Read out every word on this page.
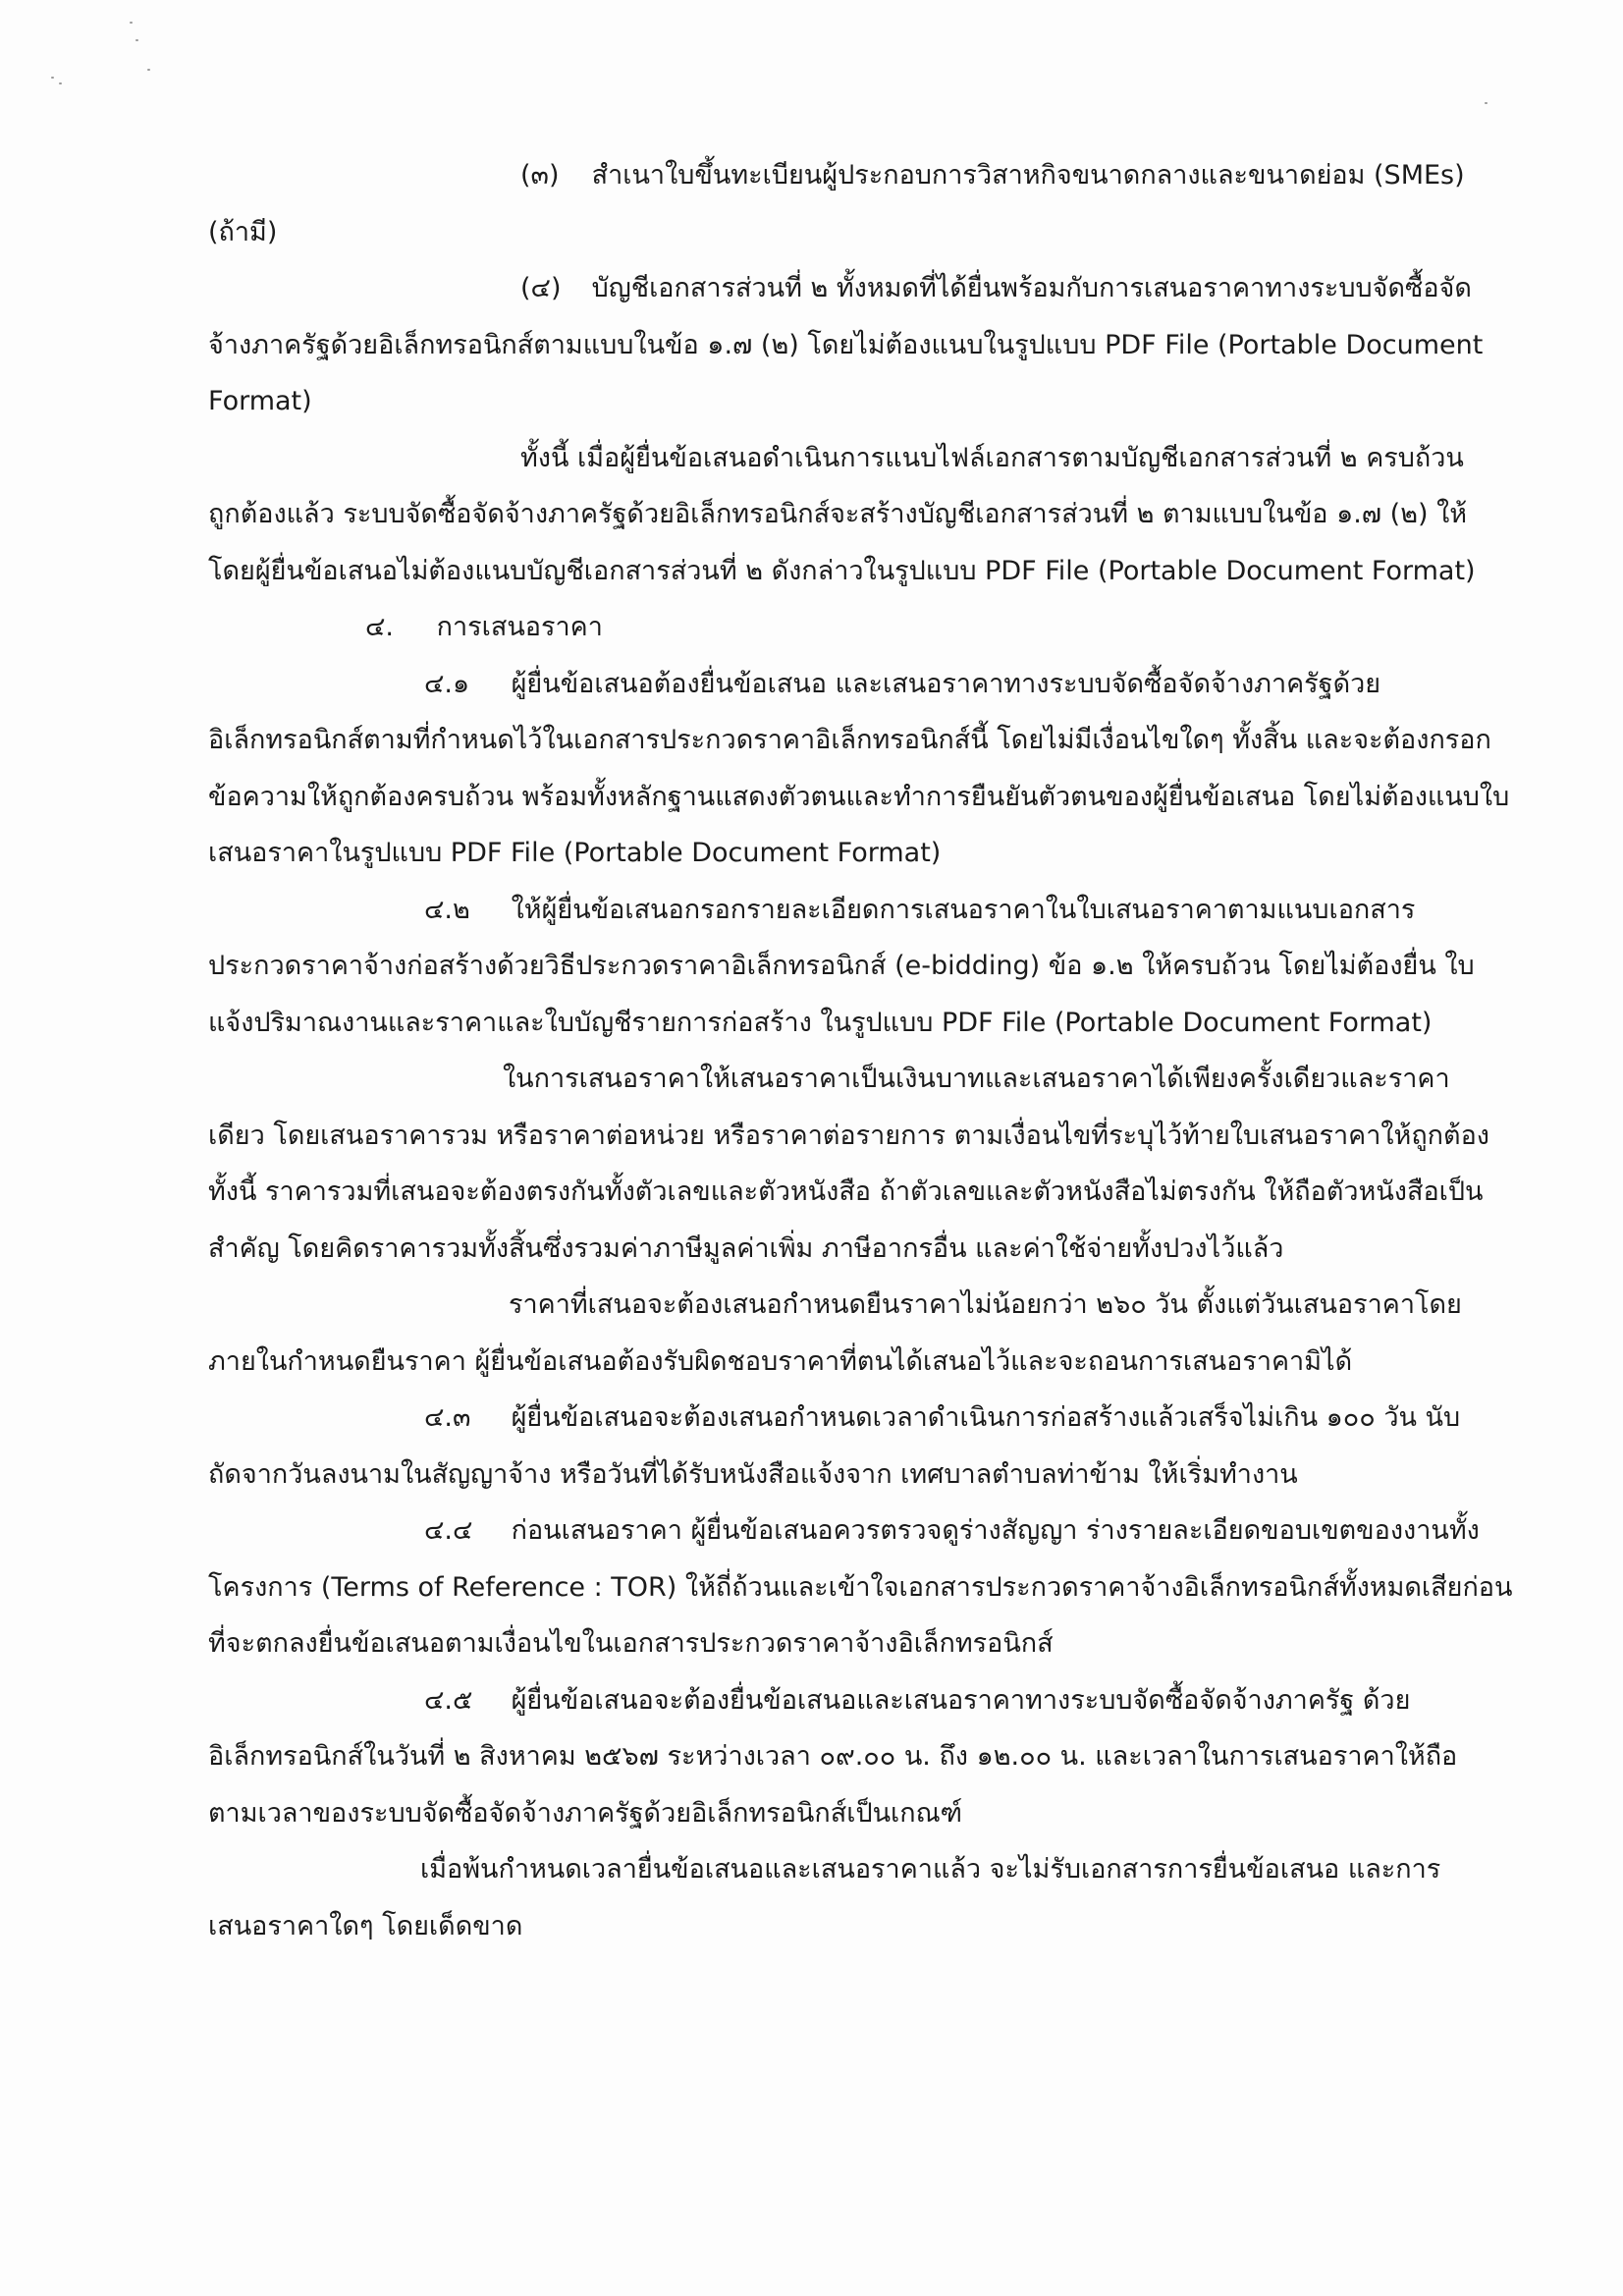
(๓) สำเนาใบขึ้นทะเบียนผู้ประกอบการวิสาหกิจขนาดกลางและขนาดย่อม (SMEs)
(ถ้ามี)
(๔) บัญชีเอกสารส่วนที่ ๒ ทั้งหมดที่ได้ยื่นพร้อมกับการเสนอราคาทางระบบจัดซื้อจัด
จ้างภาครัฐด้วยอิเล็กทรอนิกส์ตามแบบในข้อ ๑.๗ (๒) โดยไม่ต้องแนบในรูปแบบ PDF File (Portable Document
Format)
ทั้งนี้ เมื่อผู้ยื่นข้อเสนอดำเนินการแนบไฟล์เอกสารตามบัญชีเอกสารส่วนที่ ๒ ครบถ้วน
ถูกต้องแล้ว ระบบจัดซื้อจัดจ้างภาครัฐด้วยอิเล็กทรอนิกส์จะสร้างบัญชีเอกสารส่วนที่ ๒ ตามแบบในข้อ ๑.๗ (๒) ให้
โดยผู้ยื่นข้อเสนอไม่ต้องแนบบัญชีเอกสารส่วนที่ ๒ ดังกล่าวในรูปแบบ PDF File (Portable Document Format)
๔. การเสนอราคา
๔.๑ ผู้ยื่นข้อเสนอต้องยื่นข้อเสนอ และเสนอราคาทางระบบจัดซื้อจัดจ้างภาครัฐด้วย
อิเล็กทรอนิกส์ตามที่กำหนดไว้ในเอกสารประกวดราคาอิเล็กทรอนิกส์นี้ โดยไม่มีเงื่อนไขใดๆ ทั้งสิ้น และจะต้องกรอก
ข้อความให้ถูกต้องครบถ้วน พร้อมทั้งหลักฐานแสดงตัวตนและทำการยืนยันตัวตนของผู้ยื่นข้อเสนอ โดยไม่ต้องแนบใบ
เสนอราคาในรูปแบบ PDF File (Portable Document Format)
๔.๒ ให้ผู้ยื่นข้อเสนอกรอกรายละเอียดการเสนอราคาในใบเสนอราคาตามแนบเอกสาร
ประกวดราคาจ้างก่อสร้างด้วยวิธีประกวดราคาอิเล็กทรอนิกส์ (e-bidding) ข้อ ๑.๒ ให้ครบถ้วน โดยไม่ต้องยื่น ใบ
แจ้งปริมาณงานและราคาและใบบัญชีรายการก่อสร้าง ในรูปแบบ PDF File (Portable Document Format)
ในการเสนอราคาให้เสนอราคาเป็นเงินบาทและเสนอราคาได้เพียงครั้งเดียวและราคา
เดียว โดยเสนอราคารวม หรือราคาต่อหน่วย หรือราคาต่อรายการ ตามเงื่อนไขที่ระบุไว้ท้ายใบเสนอราคาให้ถูกต้อง
ทั้งนี้ ราคารวมที่เสนอจะต้องตรงกันทั้งตัวเลขและตัวหนังสือ ถ้าตัวเลขและตัวหนังสือไม่ตรงกัน ให้ถือตัวหนังสือเป็น
สำคัญ โดยคิดราคารวมทั้งสิ้นซึ่งรวมค่าภาษีมูลค่าเพิ่ม ภาษีอากรอื่น และค่าใช้จ่ายทั้งปวงไว้แล้ว
ราคาที่เสนอจะต้องเสนอกำหนดยืนราคาไม่น้อยกว่า ๒๖๐ วัน ตั้งแต่วันเสนอราคาโดย
ภายในกำหนดยืนราคา ผู้ยื่นข้อเสนอต้องรับผิดชอบราคาที่ตนได้เสนอไว้และจะถอนการเสนอราคามิได้
๔.๓ ผู้ยื่นข้อเสนอจะต้องเสนอกำหนดเวลาดำเนินการก่อสร้างแล้วเสร็จไม่เกิน ๑๐๐ วัน นับ
ถัดจากวันลงนามในสัญญาจ้าง หรือวันที่ได้รับหนังสือแจ้งจาก เทศบาลตำบลท่าข้าม ให้เริ่มทำงาน
๔.๔ ก่อนเสนอราคา ผู้ยื่นข้อเสนอควรตรวจดูร่างสัญญา ร่างรายละเอียดขอบเขตของงานทั้ง
โครงการ (Terms of Reference : TOR) ให้ถี่ถ้วนและเข้าใจเอกสารประกวดราคาจ้างอิเล็กทรอนิกส์ทั้งหมดเสียก่อน
ที่จะตกลงยื่นข้อเสนอตามเงื่อนไขในเอกสารประกวดราคาจ้างอิเล็กทรอนิกส์
๔.๕ ผู้ยื่นข้อเสนอจะต้องยื่นข้อเสนอและเสนอราคาทางระบบจัดซื้อจัดจ้างภาครัฐ ด้วย
อิเล็กทรอนิกส์ในวันที่ ๒ สิงหาคม ๒๕๖๗ ระหว่างเวลา ๐๙.๐๐ น. ถึง ๑๒.๐๐ น. และเวลาในการเสนอราคาให้ถือ
ตามเวลาของระบบจัดซื้อจัดจ้างภาครัฐด้วยอิเล็กทรอนิกส์เป็นเกณฑ์
เมื่อพ้นกำหนดเวลายื่นข้อเสนอและเสนอราคาแล้ว จะไม่รับเอกสารการยื่นข้อเสนอ และการ
เสนอราคาใดๆ โดยเด็ดขาด
